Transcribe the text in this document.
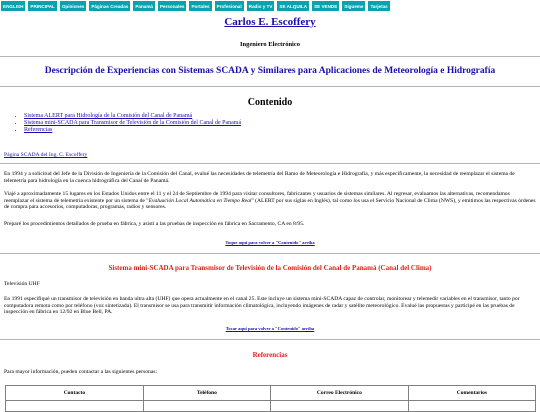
ENGLISH	PRINCIPAL	Opiniones	Páginas Creadas	Panamá	Personales	Portales	Profesional	Radio y TV	SE ALQUILA	SE VENDE	Sígueme	Tarjetas
Carlos E. Escoffery
Ingeniero Electrónico
Descripción de Experiencias con Sistemas SCADA y Similares para Aplicaciones de Meteorología e Hidrografía
Contenido
• Sistema ALERT para Hidrología de la Comisión del Canal de Panamá
• Sistema mini-SCADA para Transmisor de Televisión de la Comisión del Canal de Panamá
• Referencias
Página SCADA del Ing. C. Escoffery

En 1994 y a solicitud del Jefe de la División de Ingeniería de la Comisión del Canal, evalué las necesidades de telemetría del Ramo de Meteorología e Hidrografía, y más específicamente, la necesidad de reemplazar el sistema de telemetría para hidrología en la cuenca hidrográfica del Canal de Panamá.

Viajé a aproximadamente 15 lugares en los Estados Unidos entre el 11 y el 24 de Septiembre de 1994 para visitar consultores, fabricantes y usuarios de sistemas similares. Al regresar, evaluamos las alternativas, recomendamos reemplazar el sistema de telemetría existente por un sistema de "Evaluación Local Automática en Tiempo Real" (ALERT por sus siglas en Inglés), tal como los usa el Servicio Nacional de Clima (NWS), y emitimos las respectivas órdenes de compra para accesorios, computadoras, programas, radios y sensores.

Preparé los procedimientos detallados de prueba en fábrica, y asistí a las pruebas de inspección en fábrica en Sacramento, CA en 8/95.

Toque aquí para volver a "Contenido" arriba
Sistema mini-SCADA para Transmisor de Televisión de la Comisión del Canal de Panamá (Canal del Clima)

Televisión UHF

En 1991 especifiqué un transmisor de televisión en banda ultra alta (UHF) que opera actualmente en el canal 25. Este incluye un sistema mini-SCADA capaz de controlar, monitorear y telemedir variables en el transmisor, tanto por computadora remota como por teléfono (voz sintetizada). El transmisor se usa para transmitir información climatológica, incluyendo imágenes de radar y satélite meteorológico. Evalué las propuestas y participé en las pruebas de inspección en fábrica en 12/92 en Blue Bell, PA.

Tocar aquí para volver a "Contenido" arriba
Referencias

Para mayor información, pueden contactar a las siguientes personas:

Contacto	Teléfono	Correo Electrónico	Comentarios
